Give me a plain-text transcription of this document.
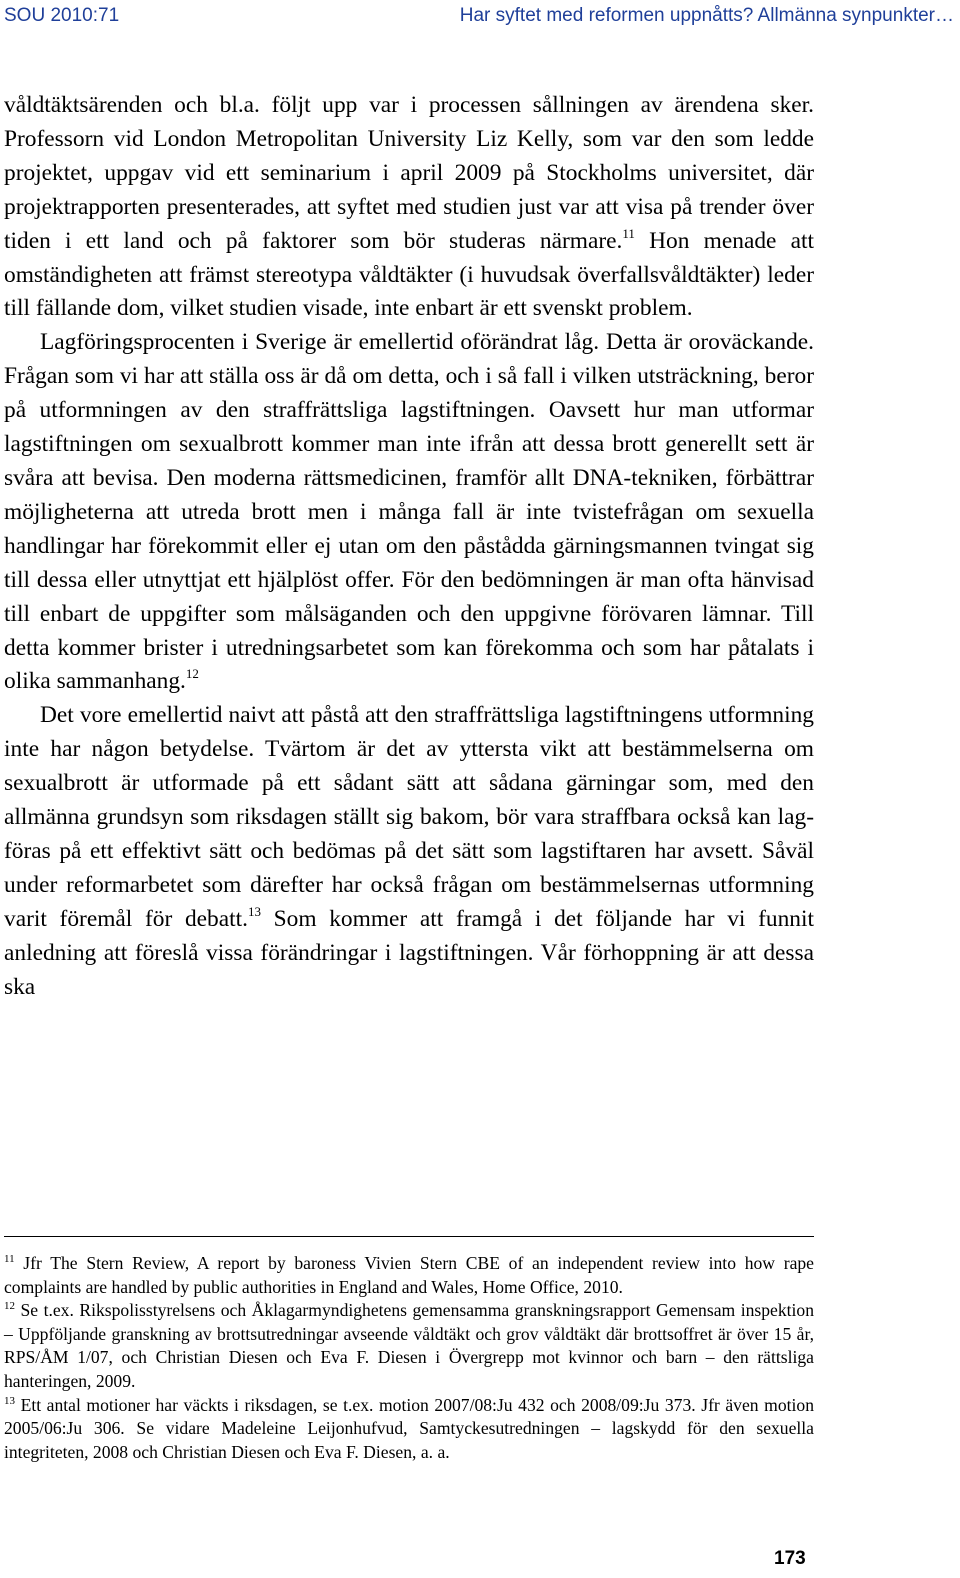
SOU 2010:71	Har syftet med reformen uppnåtts? Allmänna synpunkter…

våldtäktsärenden och bl.a. följt upp var i processen sållningen av ärendena sker. Professorn vid London Metropolitan University Liz Kelly, som var den som ledde projektet, uppgav vid ett seminarium i april 2009 på Stockholms universitet, där projektrapporten presenterades, att syftet med studien just var att visa på trender över tiden i ett land och på faktorer som bör studeras närmare.$^{11}$ Hon menade att omständigheten att främst stereotypa våldtäkter (i huvudsak överfallsvåldtäkter) leder till fällande dom, vilket studien visade, inte enbart är ett svenskt problem.

Lagföringsprocenten i Sverige är emellertid oförändrat låg. Detta är oroväckande. Frågan som vi har att ställa oss är då om detta, och i så fall i vilken utsträckning, beror på utformningen av den straffrättsliga lagstiftningen. Oavsett hur man utformar lagstiftningen om sexualbrott kommer man inte ifrån att dessa brott generellt sett är svåra att bevisa. Den moderna rättsmedicinen, framför allt DNA-tekniken, förbättrar möjligheterna att utreda brott men i många fall är inte tvistefrågan om sexuella handlingar har förekommit eller ej utan om den påstådda gärningsmannen tvingat sig till dessa eller utnyttjat ett hjälplöst offer. För den bedömningen är man ofta hänvisad till enbart de uppgifter som målsäganden och den uppgivne förövaren lämnar. Till detta kommer brister i utredningsarbetet som kan förekomma och som har påtalats i olika sammanhang.$^{12}$

Det vore emellertid naivt att påstå att den straffrättsliga lagstiftningens utformning inte har någon betydelse. Tvärtom är det av yttersta vikt att bestämmelserna om sexualbrott är utformade på ett sådant sätt att sådana gärningar som, med den allmänna grundsyn som riksdagen ställt sig bakom, bör vara straffbara också kan lagföras på ett effektivt sätt och bedömas på det sätt som lagstiftaren har avsett. Såväl under reformarbetet som därefter har också frågan om bestämmelsernas utformning varit föremål för debatt.$^{13}$ Som kommer att framgå i det följande har vi funnit anledning att föreslå vissa förändringar i lagstiftningen. Vår förhoppning är att dessa ska

$^{11}$ Jfr The Stern Review, A report by baroness Vivien Stern CBE of an independent review into how rape complaints are handled by public authorities in England and Wales, Home Office, 2010.

$^{12}$ Se t.ex. Rikspolisstyrelsens och Åklagarmyndighetens gemensamma granskningsrapport Gemensam inspektion – Uppföljande granskning av brottsutredningar avseende våldtäkt och grov våldtäkt där brottsoffret är över 15 år, RPS/ÅM 1/07, och Christian Diesen och Eva F. Diesen i Övergrepp mot kvinnor och barn – den rättsliga hanteringen, 2009.

$^{13}$ Ett antal motioner har väckts i riksdagen, se t.ex. motion 2007/08:Ju 432 och 2008/09:Ju 373. Jfr även motion 2005/06:Ju 306. Se vidare Madeleine Leijonhufvud, Samtyckesutredningen – lagskydd för den sexuella integriteten, 2008 och Christian Diesen och Eva F. Diesen, a. a.

173
